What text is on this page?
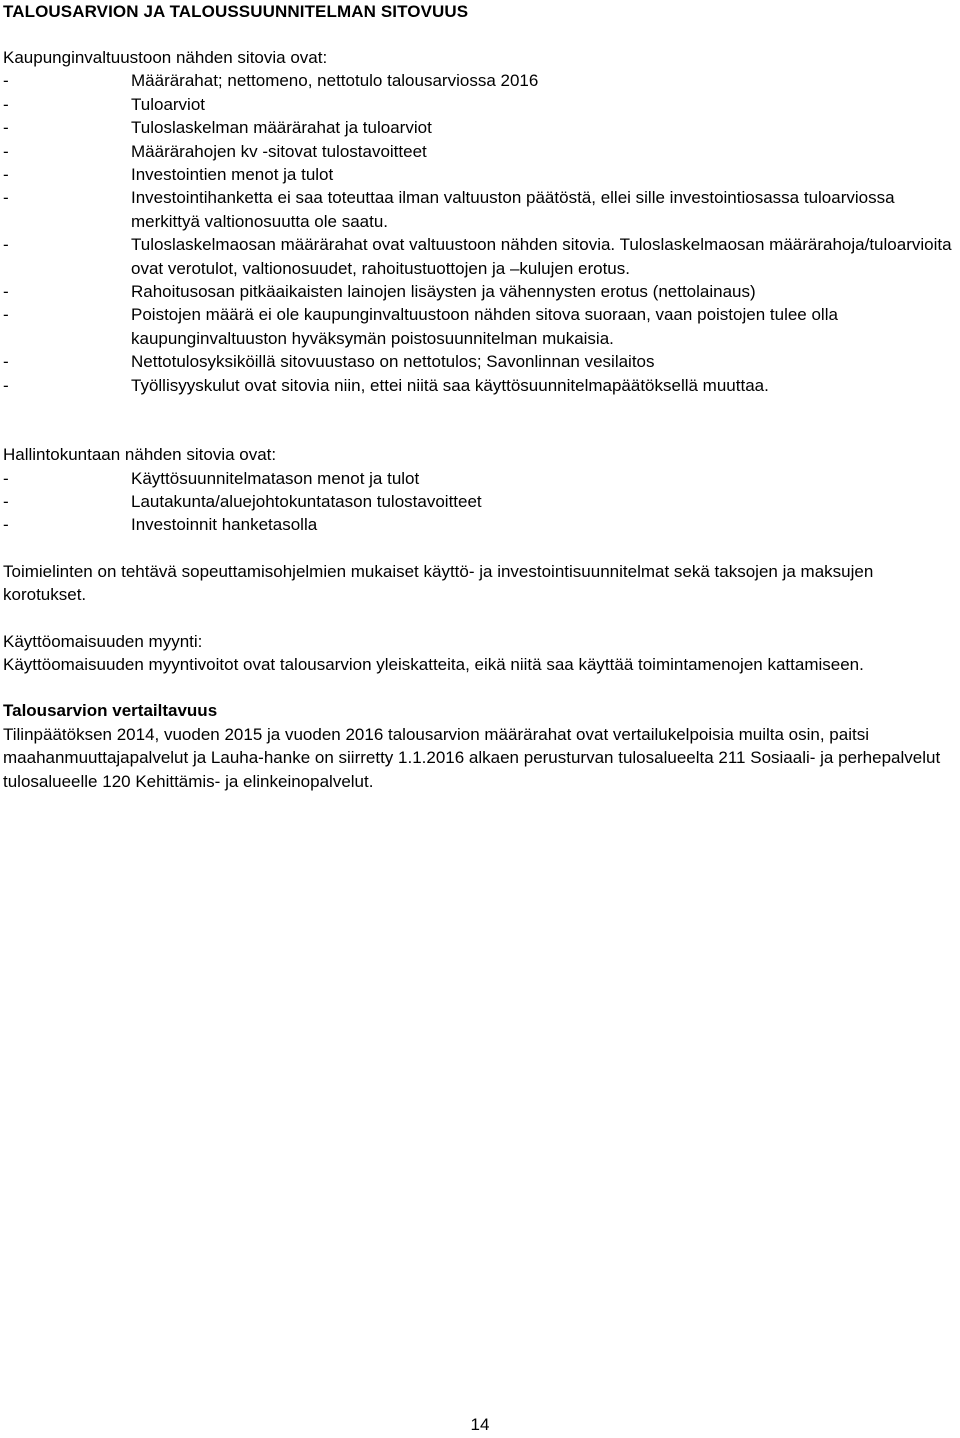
TALOUSARVION JA TALOUSSUUNNITELMAN SITOVUUS

Kaupunginvaltuustoon nähden sitovia ovat:

-	Määrärahat; nettomeno, nettotulo talousarviossa 2016
-	Tuloarviot
-	Tuloslaskelman määrärahat ja tuloarviot
-	Määrärahojen kv -sitovat tulostavoitteet
-	Investointien menot ja tulot
-	Investointihanketta ei saa toteuttaa ilman valtuuston päätöstä, ellei sille investointiosassa tuloarviossa merkittyä valtionosuutta ole saatu.
-	Tuloslaskelmaosan määrärahat ovat valtuustoon nähden sitovia. Tuloslaskelmaosan määrärahoja/tuloarvioita ovat verotulot, valtionosuudet, rahoitustuottojen ja –kulujen erotus.
-	Rahoitusosan pitkäaikaisten lainojen lisäysten ja vähennysten erotus (nettolainaus)
-	Poistojen määrä ei ole kaupunginvaltuustoon nähden sitova suoraan, vaan poistojen tulee olla kaupunginvaltuuston hyväksymän poistosuunnitelman mukaisia.
-	Nettotulosyksiköillä sitovuustaso on nettotulos; Savonlinnan vesilaitos
-	Työllisyyskulut ovat sitovia niin, ettei niitä saa käyttösuunnitelmapäätöksellä muuttaa.

Hallintokuntaan nähden sitovia ovat:

-	Käyttösuunnitelmatason menot ja tulot
-	Lautakunta/aluejohtokuntatason tulostavoitteet
-	Investoinnit hanketasolla

Toimielinten on tehtävä sopeuttamisohjelmien mukaiset käyttö- ja investointisuunnitelmat sekä taksojen ja maksujen korotukset.

Käyttöomaisuuden myynti:

Käyttöomaisuuden myyntivoitot ovat talousarvion yleiskatteita, eikä niitä saa käyttää toimintamenojen kattamiseen.

Talousarvion vertailtavuus

Tilinpäätöksen 2014, vuoden 2015 ja vuoden 2016 talousarvion määrärahat ovat vertailukelpoisia muilta osin, paitsi maahanmuuttajapalvelut ja Lauha-hanke on siirretty 1.1.2016 alkaen perusturvan tulosalueelta 211 Sosiaali- ja perhepalvelut tulosalueelle 120 Kehittämis- ja elinkeinopalvelut.

14
